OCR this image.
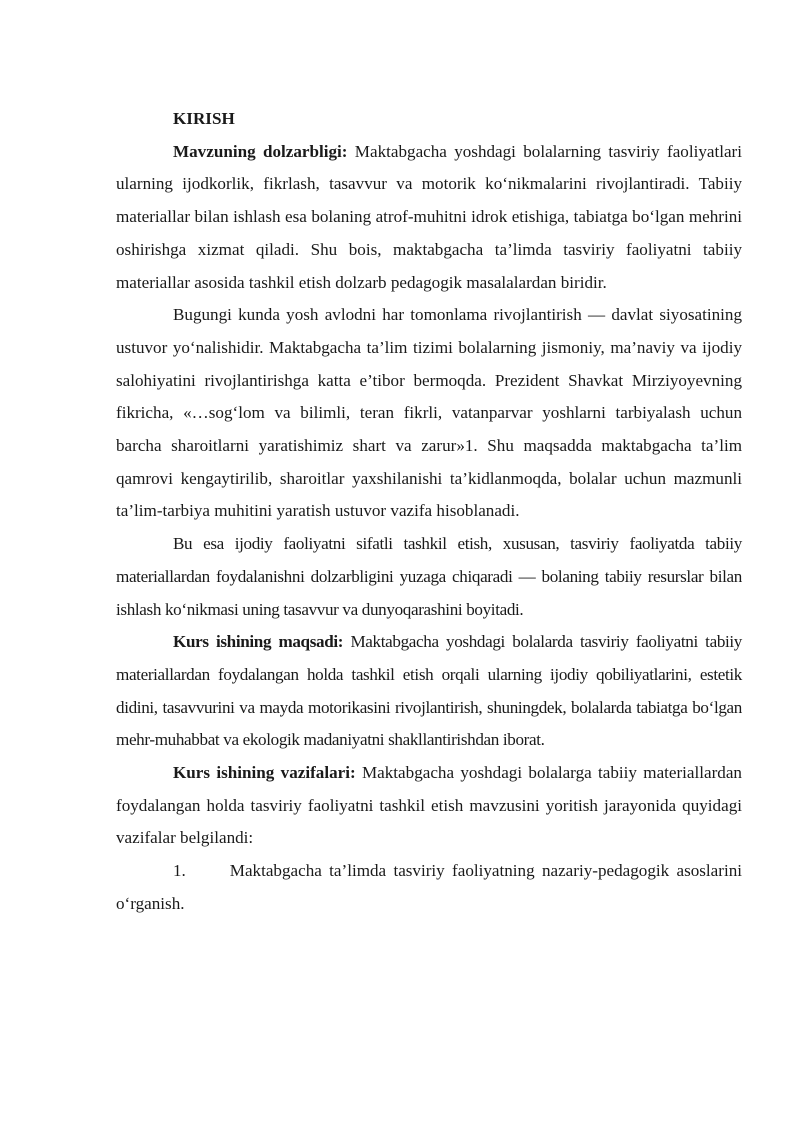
KIRISH

Mavzuning dolzarbligi: Maktabgacha yoshdagi bolalarning tasviriy faoliyatlari ularning ijodkorlik, fikrlash, tasavvur va motorik ko‘nikmalarini rivojlantiradi. Tabiiy materiallar bilan ishlash esa bolaning atrof-muhitni idrok etishiga, tabiatga bo‘lgan mehrini oshirishga xizmat qiladi. Shu bois, maktabgacha ta’limda tasviriy faoliyatni tabiiy materiallar asosida tashkil etish dolzarb pedagogik masalalardan biridir.

Bugungi kunda yosh avlodni har tomonlama rivojlantirish — davlat siyosatining ustuvor yo‘nalishidir. Maktabgacha ta’lim tizimi bolalarning jismoniy, ma’naviy va ijodiy salohiyatini rivojlantirishga katta e’tibor bermoqda. Prezident Shavkat Mirziyoyevning fikricha, «…sog‘lom va bilimli, teran fikrli, vatanparvar yoshlarni tarbiyalash uchun barcha sharoitlarni yaratishimiz shart va zarur»1. Shu maqsadda maktabgacha ta’lim qamrovi kengaytirilib, sharoitlar yaxshilanishi ta’kidlanmoqda, bolalar uchun mazmunli ta’lim-tarbiya muhitini yaratish ustuvor vazifa hisoblanadi.

Bu esa ijodiy faoliyatni sifatli tashkil etish, xususan, tasviriy faoliyatda tabiiy materiallardan foydalanishni dolzarbligini yuzaga chiqaradi — bolaning tabiiy resurslar bilan ishlash ko‘nikmasi uning tasavvur va dunyoqarashini boyitadi.

Kurs ishining maqsadi: Maktabgacha yoshdagi bolalarda tasviriy faoliyatni tabiiy materiallardan foydalangan holda tashkil etish orqali ularning ijodiy qobiliyatlarini, estetik didini, tasavvurini va mayda motorikasini rivojlantirish, shuningdek, bolalarda tabiatga bo‘lgan mehr-muhabbat va ekologik madaniyatni shakllantirishdan iborat.

Kurs ishining vazifalari: Maktabgacha yoshdagi bolalarga tabiiy materiallardan foydalangan holda tasviriy faoliyatni tashkil etish mavzusini yoritish jarayonida quyidagi vazifalar belgilandi:

1.      Maktabgacha ta’limda tasviriy faoliyatning nazariy-pedagogik asoslarini o‘rganish.
